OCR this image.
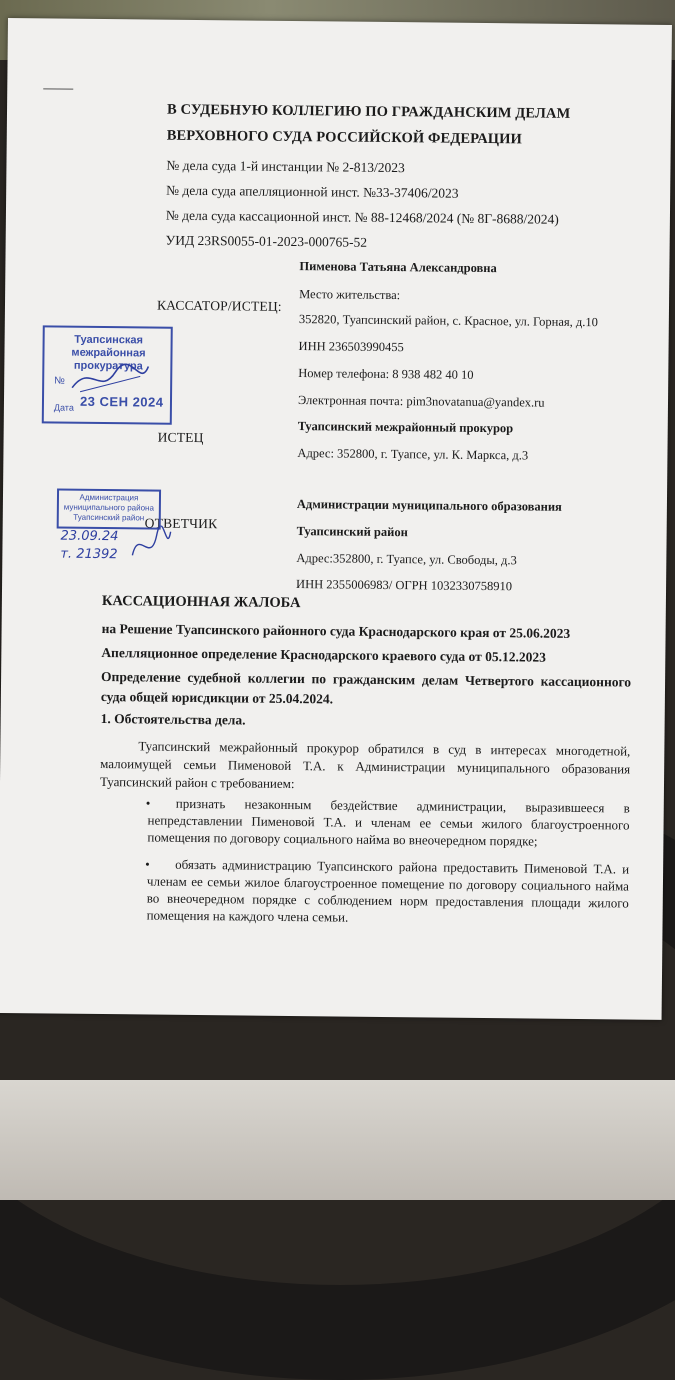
В СУДЕБНУЮ КОЛЛЕГИЮ ПО ГРАЖДАНСКИМ ДЕЛАМ
ВЕРХОВНОГО СУДА РОССИЙСКОЙ ФЕДЕРАЦИИ
№ дела суда 1-й инстанции № 2-813/2023
№ дела суда апелляционной инст. №33-37406/2023
№ дела суда кассационной инст. № 88-12468/2024 (№ 8Г-8688/2024)
УИД 23RS0055-01-2023-000765-52
КАССАТОР/ИСТЕЦ:
Пименова Татьяна Александровна
Место жительства:
352820, Туапсинский район, с. Красное, ул. Горная, д.10
ИНН 236503990455
Номер телефона: 8 938 482 40 10
Электронная почта: pim3novatanua@yandex.ru
ИСТЕЦ
Туапсинский межрайонный прокурор
Адрес: 352800, г. Туапсе, ул. К. Маркса, д.3
ОТВЕТЧИК
Администрации муниципального образования
Туапсинский район
Адрес:352800, г. Туапсе, ул. Свободы, д.3
ИНН 2355006983/ ОГРН 1032330758910
Туапсинская межрайонная прокуратура
№
Дата 23 СЕН 2024
Администрация муниципального района Туапсинский район
23.09.24
т. 21392
КАССАЦИОННАЯ ЖАЛОБА
на Решение Туапсинского районного суда Краснодарского края от 25.06.2023
Апелляционное определение Краснодарского краевого суда от 05.12.2023
Определение судебной коллегии по гражданским делам Четвертого кассационного суда общей юрисдикции от 25.04.2024.
1. Обстоятельства дела.
Туапсинский межрайонный прокурор обратился в суд в интересах многодетной, малоимущей семьи Пименовой Т.А. к Администрации муниципального образования Туапсинский район с требованием:
• признать незаконным бездействие администрации, выразившееся в непредставлении Пименовой Т.А. и членам ее семьи жилого благоустроенного помещения по договору социального найма во внеочередном порядке;
• обязать администрацию Туапсинского района предоставить Пименовой Т.А. и членам ее семьи жилое благоустроенное помещение по договору социального найма во внеочередном порядке с соблюдением норм предоставления площади жилого помещения на каждого члена семьи.
